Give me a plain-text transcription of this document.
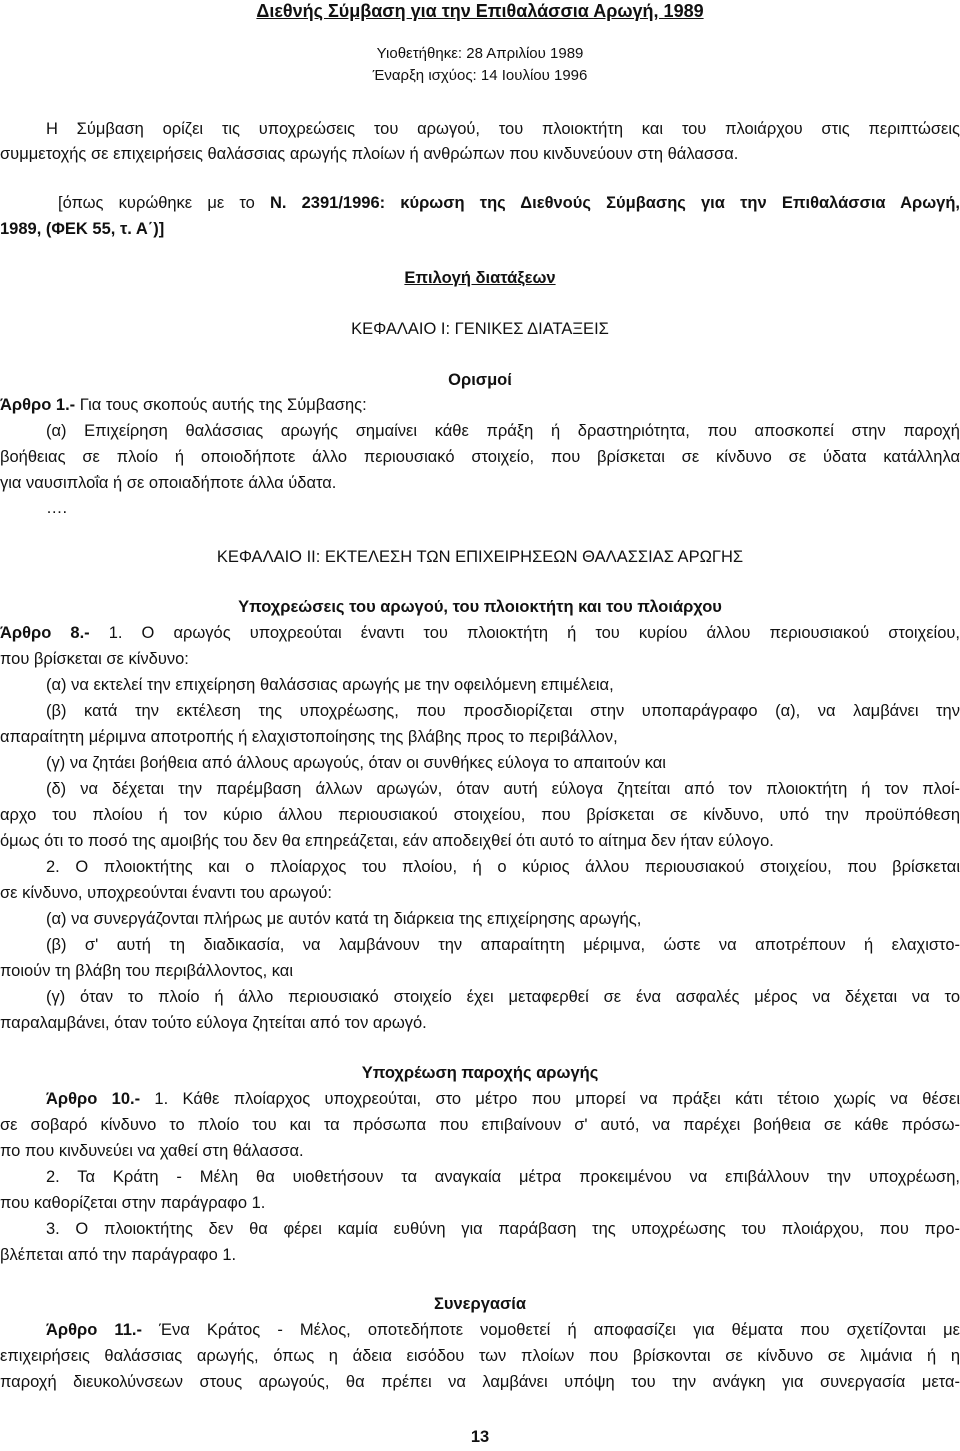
Διεθνής Σύμβαση για την Επιθαλάσσια Αρωγή, 1989
Υιοθετήθηκε: 28 Απριλίου 1989
Έναρξη ισχύος: 14 Ιουλίου 1996
Η Σύμβαση ορίζει τις υποχρεώσεις του αρωγού, του πλοιοκτήτη και του πλοιάρχου στις περιπτώσεις
συμμετοχής σε επιχειρήσεις θαλάσσιας αρωγής πλοίων ή ανθρώπων που κινδυνεύουν στη θάλασσα.
[όπως κυρώθηκε με το Ν. 2391/1996: κύρωση της Διεθνούς Σύμβασης για την Επιθαλάσσια Αρωγή,
1989, (ΦΕΚ 55, τ. Α΄)]
Επιλογή διατάξεων
ΚΕΦΑΛΑΙΟ Ι: ΓΕΝΙΚΕΣ ΔΙΑΤΑΞΕΙΣ
Ορισμοί
Άρθρο 1.- Για τους σκοπούς αυτής της Σύμβασης:
(α) Επιχείρηση θαλάσσιας αρωγής σημαίνει κάθε πράξη ή δραστηριότητα, που αποσκοπεί στην παροχή
βοήθειας σε πλοίο ή οποιοδήποτε άλλο περιουσιακό στοιχείο, που βρίσκεται σε κίνδυνο σε ύδατα κατάλληλα
για ναυσιπλοΐα ή σε οποιαδήποτε άλλα ύδατα.
….
ΚΕΦΑΛΑΙΟ ΙΙ: ΕΚΤΕΛΕΣΗ ΤΩΝ ΕΠΙΧΕΙΡΗΣΕΩΝ ΘΑΛΑΣΣΙΑΣ ΑΡΩΓΗΣ
Υποχρεώσεις του αρωγού, του πλοιοκτήτη και του πλοιάρχου
Άρθρο 8.- 1. Ο αρωγός υποχρεούται έναντι του πλοιοκτήτη ή του κυρίου άλλου περιουσιακού στοιχείου,
που βρίσκεται σε κίνδυνο:
(α) να εκτελεί την επιχείρηση θαλάσσιας αρωγής με την οφειλόμενη επιμέλεια,
(β) κατά την εκτέλεση της υποχρέωσης, που προσδιορίζεται στην υποπαράγραφο (α), να λαμβάνει την
απαραίτητη μέριμνα αποτροπής ή ελαχιστοποίησης της βλάβης προς το περιβάλλον,
(γ) να ζητάει βοήθεια από άλλους αρωγούς, όταν οι συνθήκες εύλογα το απαιτούν και
(δ) να δέχεται την παρέμβαση άλλων αρωγών, όταν αυτή εύλογα ζητείται από τον πλοιοκτήτη ή τον πλοί-
αρχο του πλοίου ή τον κύριο άλλου περιουσιακού στοιχείου, που βρίσκεται σε κίνδυνο, υπό την προϋπόθεση
όμως ότι το ποσό της αμοιβής του δεν θα επηρεάζεται, εάν αποδειχθεί ότι αυτό το αίτημα δεν ήταν εύλογο.
2. Ο πλοιοκτήτης και ο πλοίαρχος του πλοίου, ή ο κύριος άλλου περιουσιακού στοιχείου, που βρίσκεται
σε κίνδυνο, υποχρεούνται έναντι του αρωγού:
(α) να συνεργάζονται πλήρως με αυτόν κατά τη διάρκεια της επιχείρησης αρωγής,
(β) σ' αυτή τη διαδικασία, να λαμβάνουν την απαραίτητη μέριμνα, ώστε να αποτρέπουν ή ελαχιστο-
ποιούν τη βλάβη του περιβάλλοντος, και
(γ) όταν το πλοίο ή άλλο περιουσιακό στοιχείο έχει μεταφερθεί σε ένα ασφαλές μέρος να δέχεται να το
παραλαμβάνει, όταν τούτο εύλογα ζητείται από τον αρωγό.
Υποχρέωση παροχής αρωγής
Άρθρο 10.- 1. Κάθε πλοίαρχος υποχρεούται, στο μέτρο που μπορεί να πράξει κάτι τέτοιο χωρίς να θέσει
σε σοβαρό κίνδυνο το πλοίο του και τα πρόσωπα που επιβαίνουν σ' αυτό, να παρέχει βοήθεια σε κάθε πρόσω-
πο που κινδυνεύει να χαθεί στη θάλασσα.
2. Τα Κράτη - Μέλη θα υιοθετήσουν τα αναγκαία μέτρα προκειμένου να επιβάλλουν την υποχρέωση,
που καθορίζεται στην παράγραφο 1.
3. Ο πλοιοκτήτης δεν θα φέρει καμία ευθύνη για παράβαση της υποχρέωσης του πλοιάρχου, που προ-
βλέπεται από την παράγραφο 1.
Συνεργασία
Άρθρο 11.- Ένα Κράτος - Μέλος, οποτεδήποτε νομοθετεί ή αποφασίζει για θέματα που σχετίζονται με
επιχειρήσεις θαλάσσιας αρωγής, όπως η άδεια εισόδου των πλοίων που βρίσκονται σε κίνδυνο σε λιμάνια ή η
παροχή διευκολύνσεων στους αρωγούς, θα πρέπει να λαμβάνει υπόψη του την ανάγκη για συνεργασία μετα-
13
